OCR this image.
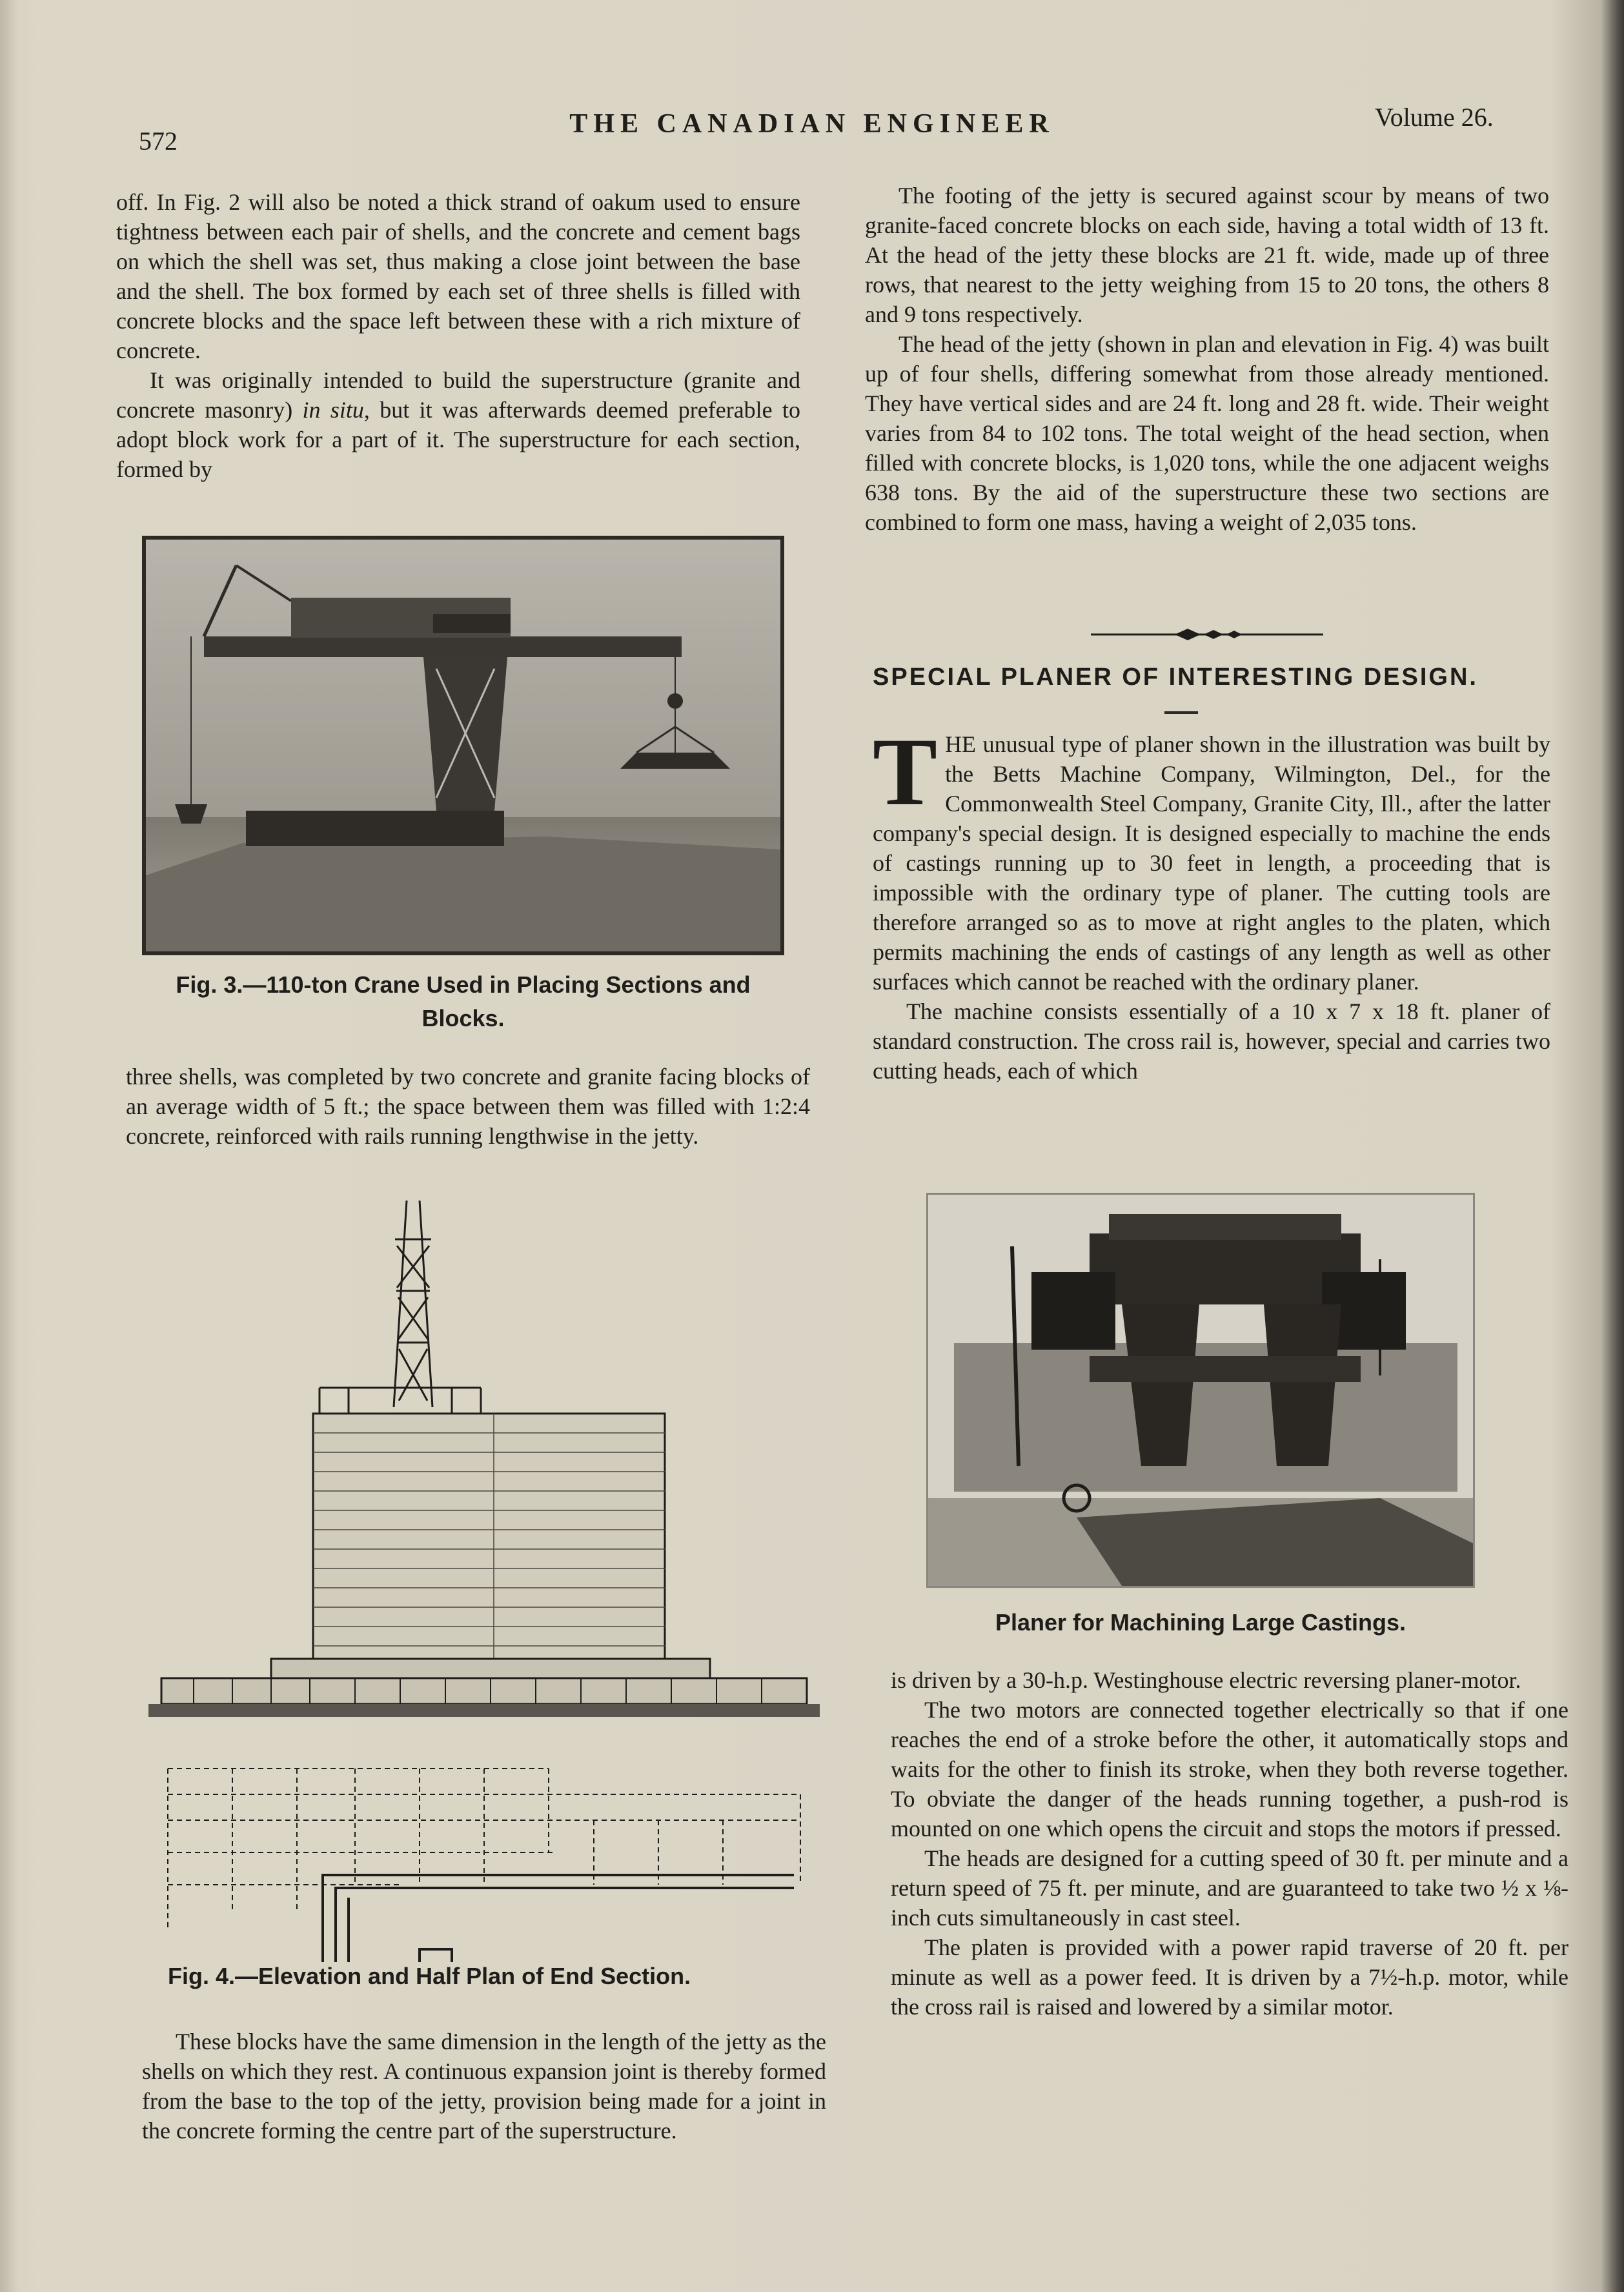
572
THE CANADIAN ENGINEER	Volume 26.

off. In Fig. 2 will also be noted a thick strand of oakum used to ensure tightness between each pair of shells, and the concrete and cement bags on which the shell was set, thus making a close joint between the base and the shell. The box formed by each set of three shells is filled with concrete blocks and the space left between these with a rich mixture of concrete.

It was originally intended to build the superstructure (granite and concrete masonry) in situ, but it was afterwards deemed preferable to adopt block work for a part of it. The superstructure for each section, formed by

Fig. 3.—110-ton Crane Used in Placing Sections and Blocks.

three shells, was completed by two concrete and granite facing blocks of an average width of 5 ft.; the space between them was filled with 1:2:4 concrete, reinforced with rails running lengthwise in the jetty.

Fig. 4.—Elevation and Half Plan of End Section.

These blocks have the same dimension in the length of the jetty as the shells on which they rest. A continuous expansion joint is thereby formed from the base to the top of the jetty, provision being made for a joint in the concrete forming the centre part of the superstructure.

The footing of the jetty is secured against scour by means of two granite-faced concrete blocks on each side, having a total width of 13 ft. At the head of the jetty these blocks are 21 ft. wide, made up of three rows, that nearest to the jetty weighing from 15 to 20 tons, the others 8 and 9 tons respectively.

The head of the jetty (shown in plan and elevation in Fig. 4) was built up of four shells, differing somewhat from those already mentioned. They have vertical sides and are 24 ft. long and 28 ft. wide. Their weight varies from 84 to 102 tons. The total weight of the head section, when filled with concrete blocks, is 1,020 tons, while the one adjacent weighs 638 tons. By the aid of the superstructure these two sections are combined to form one mass, having a weight of 2,035 tons.

SPECIAL PLANER OF INTERESTING DESIGN.

THE unusual type of planer shown in the illustration was built by the Betts Machine Company, Wilmington, Del., for the Commonwealth Steel Company, Granite City, Ill., after the latter company's special design. It is designed especially to machine the ends of castings running up to 30 feet in length, a proceeding that is impossible with the ordinary type of planer. The cutting tools are therefore arranged so as to move at right angles to the platen, which permits machining the ends of castings of any length as well as other surfaces which cannot be reached with the ordinary planer.

The machine consists essentially of a 10 x 7 x 18 ft. planer of standard construction. The cross rail is, however, special and carries two cutting heads, each of which

Planer for Machining Large Castings.

is driven by a 30-h.p. Westinghouse electric reversing planer-motor.

The two motors are connected together electrically so that if one reaches the end of a stroke before the other, it automatically stops and waits for the other to finish its stroke, when they both reverse together. To obviate the danger of the heads running together, a push-rod is mounted on one which opens the circuit and stops the motors if pressed.

The heads are designed for a cutting speed of 30 ft. per minute and a return speed of 75 ft. per minute, and are guaranteed to take two ½ x ⅛-inch cuts simultaneously in cast steel.

The platen is provided with a power rapid traverse of 20 ft. per minute as well as a power feed. It is driven by a 7½-h.p. motor, while the cross rail is raised and lowered by a similar motor.
